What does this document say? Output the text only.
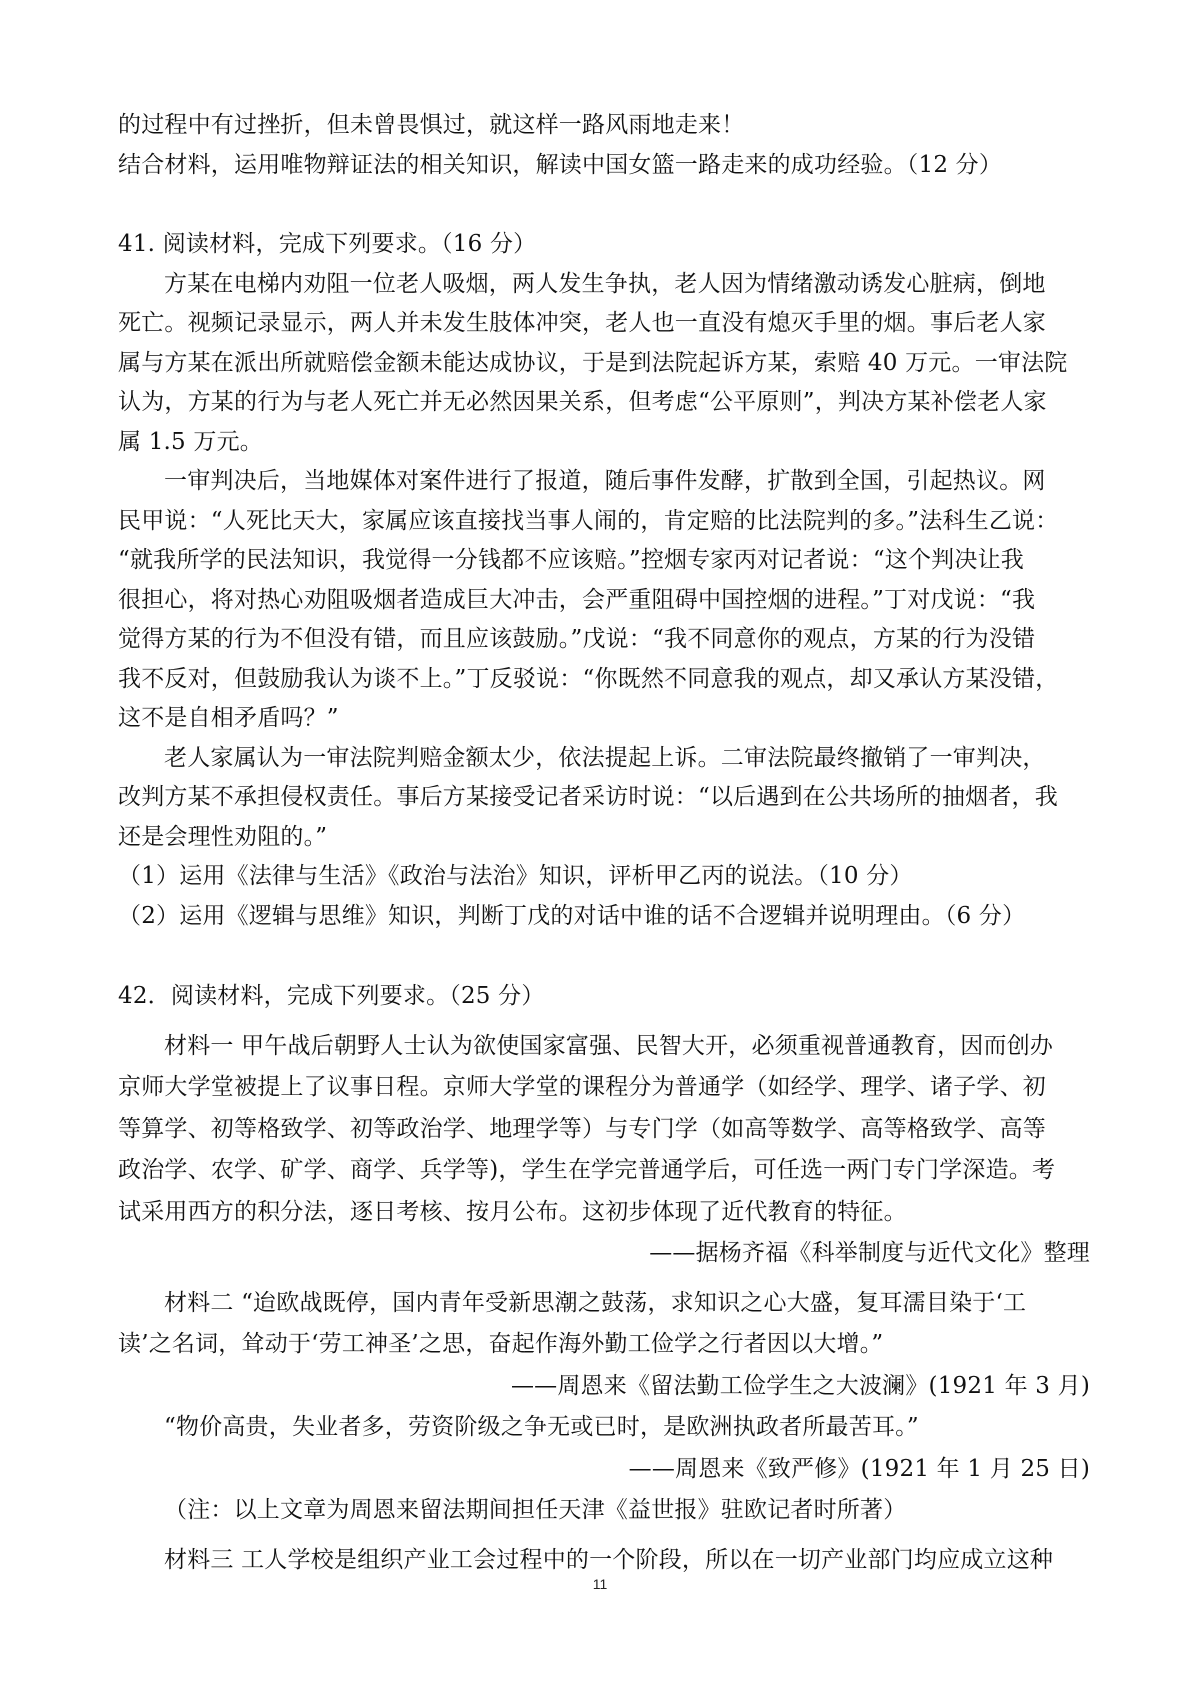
的过程中有过挫折，但未曾畏惧过，就这样一路风雨地走来！
结合材料，运用唯物辩证法的相关知识，解读中国女篮一路走来的成功经验。（12 分）
41. 阅读材料，完成下列要求。（16 分）
方某在电梯内劝阻一位老人吸烟，两人发生争执，老人因为情绪激动诱发心脏病，倒地
死亡。视频记录显示，两人并未发生肢体冲突，老人也一直没有熄灭手里的烟。事后老人家
属与方某在派出所就赔偿金额未能达成协议，于是到法院起诉方某，索赔 40 万元。一审法院
认为，方某的行为与老人死亡并无必然因果关系，但考虑“公平原则”，判决方某补偿老人家
属 1.5 万元。
一审判决后，当地媒体对案件进行了报道，随后事件发酵，扩散到全国，引起热议。网
民甲说：“人死比天大，家属应该直接找当事人闹的，肯定赔的比法院判的多。”法科生乙说：
“就我所学的民法知识，我觉得一分钱都不应该赔。”控烟专家丙对记者说：“这个判决让我
很担心，将对热心劝阻吸烟者造成巨大冲击，会严重阻碍中国控烟的进程。”丁对戊说：“我
觉得方某的行为不但没有错，而且应该鼓励。”戊说：“我不同意你的观点，方某的行为没错
我不反对，但鼓励我认为谈不上。”丁反驳说：“你既然不同意我的观点，却又承认方某没错，
这不是自相矛盾吗？”
老人家属认为一审法院判赔金额太少，依法提起上诉。二审法院最终撤销了一审判决，
改判方某不承担侵权责任。事后方某接受记者采访时说：“以后遇到在公共场所的抽烟者，我
还是会理性劝阻的。”
（1）运用《法律与生活》《政治与法治》知识，评析甲乙丙的说法。（10 分）
（2）运用《逻辑与思维》知识，判断丁戊的对话中谁的话不合逻辑并说明理由。（6 分）
42．阅读材料，完成下列要求。（25 分）
材料一 甲午战后朝野人士认为欲使国家富强、民智大开，必须重视普通教育，因而创办
京师大学堂被提上了议事日程。京师大学堂的课程分为普通学（如经学、理学、诸子学、初
等算学、初等格致学、初等政治学、地理学等）与专门学（如高等数学、高等格致学、高等
政治学、农学、矿学、商学、兵学等)，学生在学完普通学后，可任选一两门专门学深造。考
试采用西方的积分法，逐日考核、按月公布。这初步体现了近代教育的特征。
——据杨齐福《科举制度与近代文化》整理
材料二 “迨欧战既停，国内青年受新思潮之鼓荡，求知识之心大盛，复耳濡目染于‘工
读’之名词，耸动于‘劳工神圣’之思，奋起作海外勤工俭学之行者因以大增。”
——周恩来《留法勤工俭学生之大波澜》(1921 年 3 月)
“物价高贵，失业者多，劳资阶级之争无或已时，是欧洲执政者所最苦耳。”
——周恩来《致严修》(1921 年 1 月 25 日)
（注：以上文章为周恩来留法期间担任天津《益世报》驻欧记者时所著）
材料三 工人学校是组织产业工会过程中的一个阶段，所以在一切产业部门均应成立这种
11
